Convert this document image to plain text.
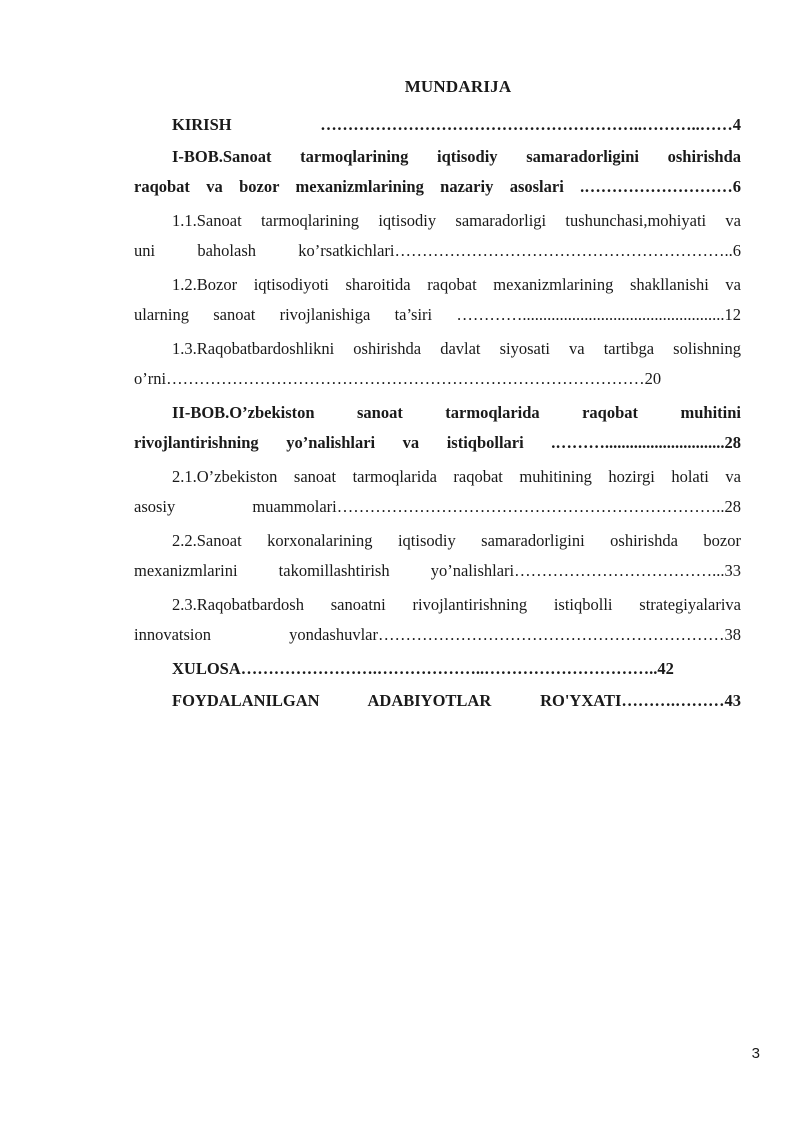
MUNDARIJA

KIRISH …………………………………………………..………..……4

I-BOB.Sanoat tarmoqlarining iqtisodiy samaradorligini oshirishda

raqobat va bozor mexanizmlarining nazariy asoslari .………………………6

1.1.Sanoat tarmoqlarining iqtisodiy samaradorligi tushunchasi,mohiyati va

uni baholash ko’rsatkichlari……………………………………………………..6

1.2.Bozor iqtisodiyoti sharoitida raqobat mexanizmlarining shakllanishi va

ularning sanoat rivojlanishiga ta’siri ………….................................................12

1.3.Raqobatbardoshlikni oshirishda davlat siyosati va tartibga solishning

o’rni……………………………………………………………………………20

II-BOB.O’zbekiston sanoat tarmoqlarida raqobat muhitini

rivojlantirishning yo’nalishlari va istiqbollari .……….............................28

2.1.O’zbekiston sanoat tarmoqlarida raqobat muhitining hozirgi holati va

asosiy muammolari……………………………………………………………..28

2.2.Sanoat korxonalarining iqtisodiy samaradorligini oshirishda bozor

mexanizmlarini takomillashtirish yo’nalishlari………………………………...33

2.3.Raqobatbardosh sanoatni rivojlantirishning istiqbolli strategiyalariva

innovatsion yondashuvlar………………………………………………………38

XULOSA…………………….………………..…………………………..42

FOYDALANILGAN ADABIYOTLAR RO'YXATI……….………43

3
